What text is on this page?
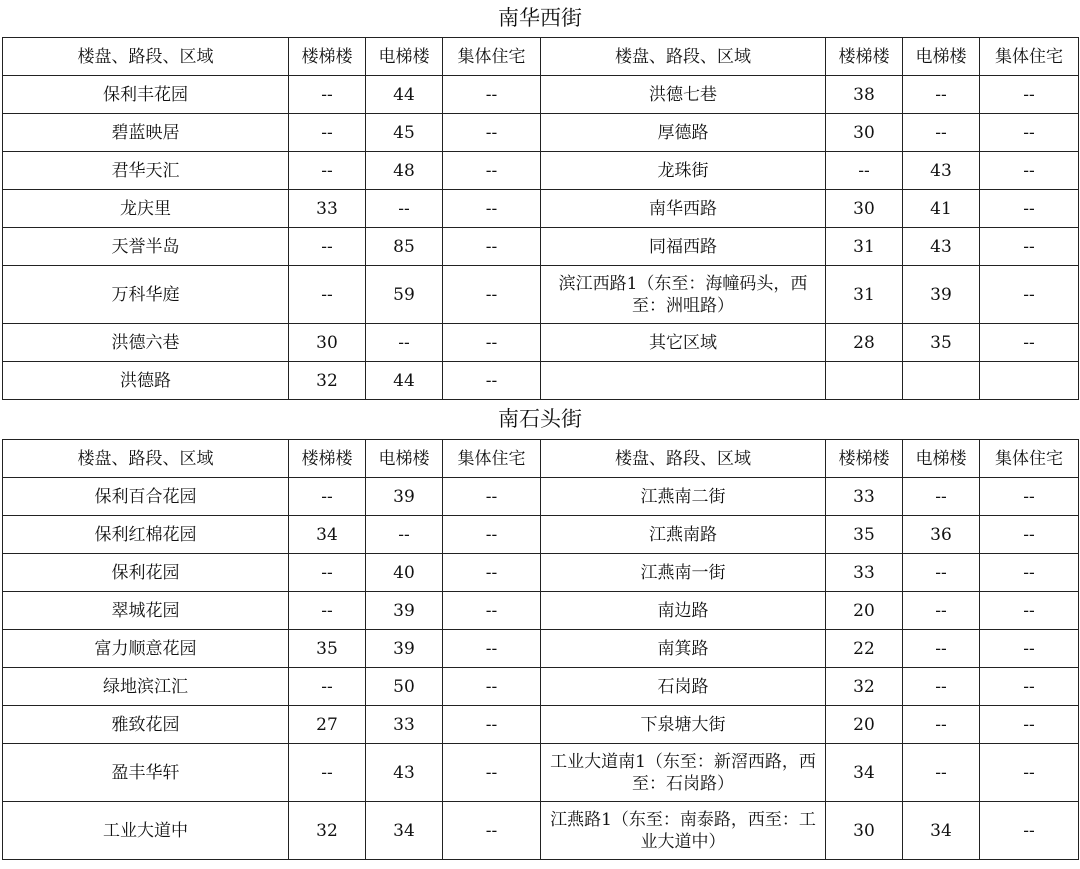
南华西街
楼盘、路段、区域	楼梯楼	电梯楼	集体住宅	楼盘、路段、区域	楼梯楼	电梯楼	集体住宅
保利丰花园	--	44	--	洪德七巷	38	--	--
碧蓝映居	--	45	--	厚德路	30	--	--
君华天汇	--	48	--	龙珠街	--	43	--
龙庆里	33	--	--	南华西路	30	41	--
天誉半岛	--	85	--	同福西路	31	43	--
万科华庭	--	59	--	滨江西路1（东至：海幢码头，西至：洲咀路）	31	39	--
洪德六巷	30	--	--	其它区域	28	35	--
洪德路	32	44	--				
南石头街
楼盘、路段、区域	楼梯楼	电梯楼	集体住宅	楼盘、路段、区域	楼梯楼	电梯楼	集体住宅
保利百合花园	--	39	--	江燕南二街	33	--	--
保利红棉花园	34	--	--	江燕南路	35	36	--
保利花园	--	40	--	江燕南一街	33	--	--
翠城花园	--	39	--	南边路	20	--	--
富力顺意花园	35	39	--	南箕路	22	--	--
绿地滨江汇	--	50	--	石岗路	32	--	--
雅致花园	27	33	--	下泉塘大街	20	--	--
盈丰华轩	--	43	--	工业大道南1（东至：新滘西路，西至：石岗路）	34	--	--
工业大道中	32	34	--	江燕路1（东至：南泰路，西至：工业大道中）	30	34	--
